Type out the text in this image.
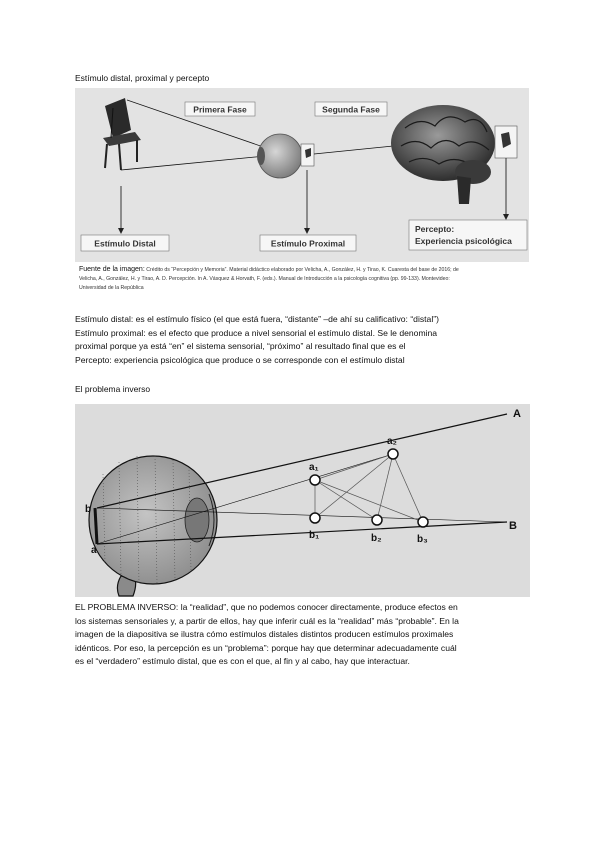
Estímulo distal, proximal y percepto
Primera Fase	Segunda Fase
Estímulo Distal	Estímulo Proximal
Percepto:
Experiencia psicológica
Fuente de la imagen: Crédito ds “Percepción y Memoria”. Material didáctico elaborado por Velicha, A., González, H. y Tirao, K. Cuaresta del base de 2016; de
Velicha, A., González, H. y Tirao, A. D. Percepción. In A. Vásquez & Horvath, F. (eds.). Manual de Introducción a la psicología cognitiva (pp. 99-133). Montevideo:
Universidad de la República
Estímulo distal: es el estímulo físico (el que está fuera, “distante” –de ahí su calificativo: “distal”)
Estímulo proximal: es el efecto que produce a nivel sensorial el estímulo distal. Se le denomina
proximal porque ya está “en” el sistema sensorial, “próximo” al resultado final que es el
Percepto: experiencia psicológica que produce o se corresponde con el estímulo distal
El problema inverso
A
B
a₁
a₂
b₁	b₂	b₃
b
a
EL PROBLEMA INVERSO: la “realidad”, que no podemos conocer directamente, produce efectos en
los sistemas sensoriales y, a partir de ellos, hay que inferir cuál es la “realidad” más “probable”. En la
imagen de la diapositiva se ilustra cómo estímulos distales distintos producen estímulos proximales
idénticos. Por eso, la percepción es un “problema”: porque hay que determinar adecuadamente cuál
es el “verdadero” estímulo distal, que es con el que, al fin y al cabo, hay que interactuar.
